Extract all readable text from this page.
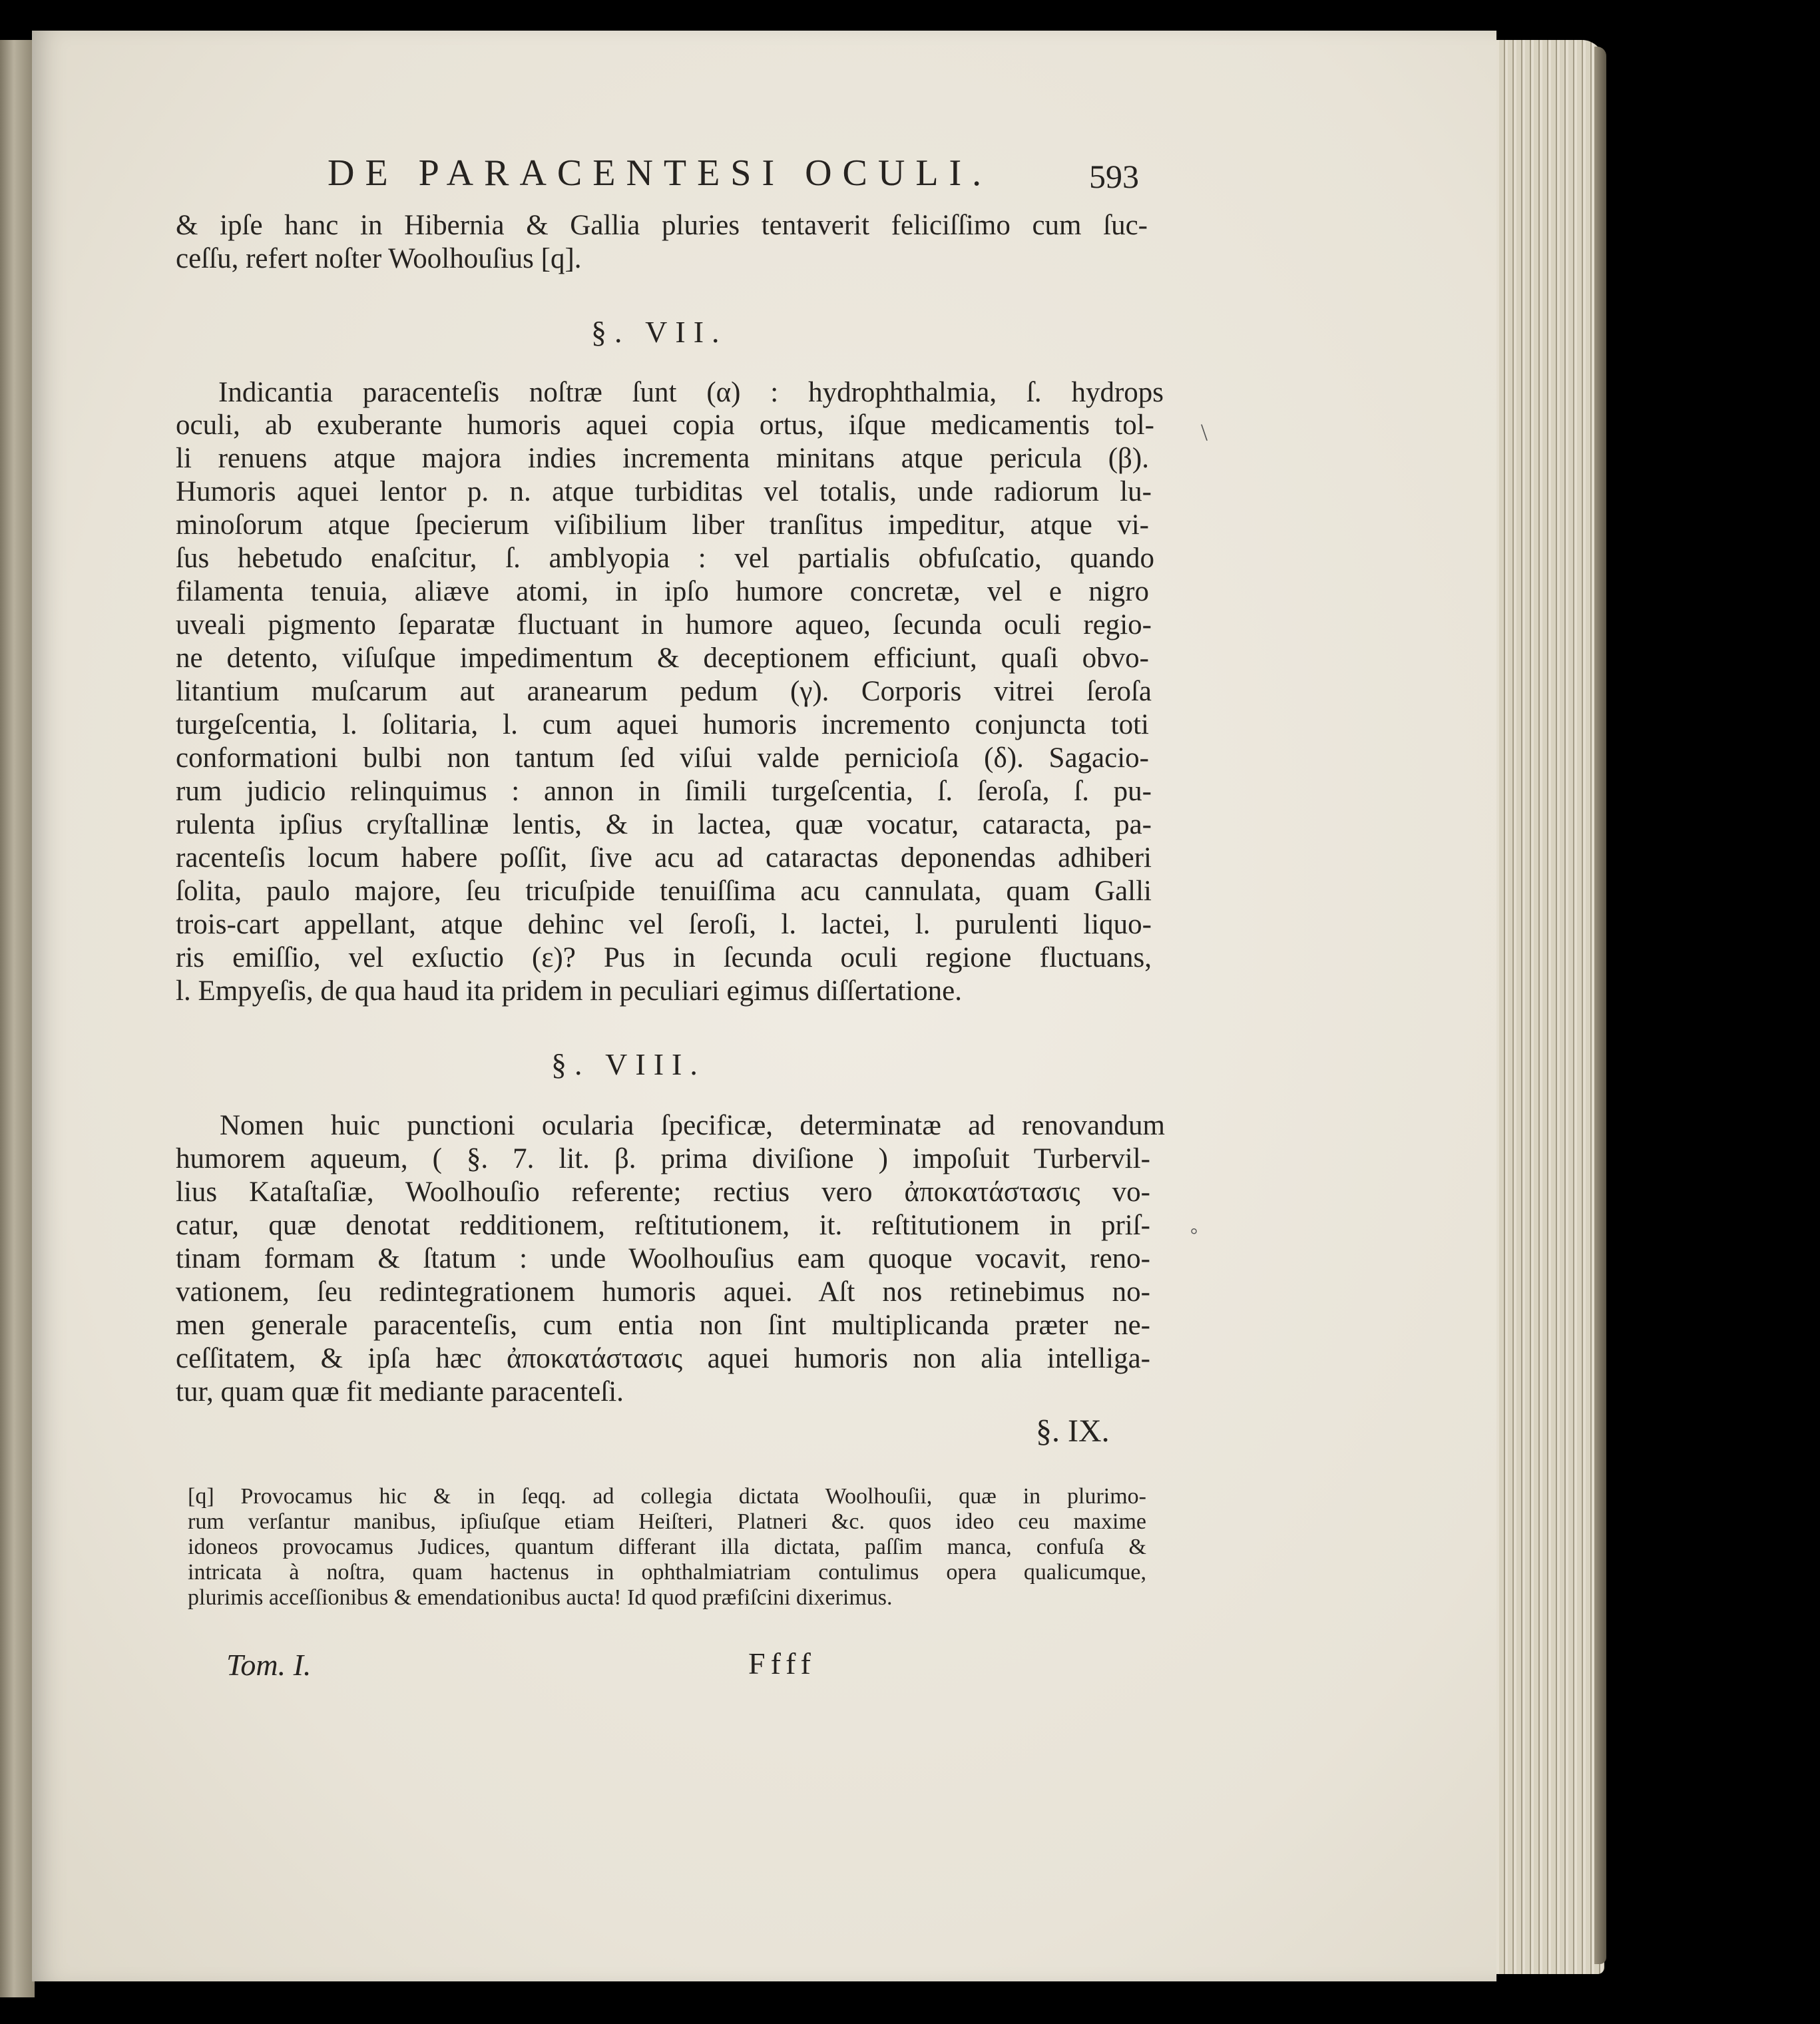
DE PARACENTESI OCULI.	593
& ipſe hanc in Hibernia & Gallia pluries tentaverit feliciſſimo cum ſuc-
ceſſu, refert noſter Woolhouſius [q].
§. VII.
Indicantia paracenteſis noſtræ ſunt (α) : hydrophthalmia, ſ. hydrops
oculi, ab exuberante humoris aquei copia ortus, iſque medicamentis tol-
li renuens atque majora indies incrementa minitans atque pericula (β).
Humoris aquei lentor p. n. atque turbiditas vel totalis, unde radiorum lu-
minoſorum atque ſpecierum viſibilium liber tranſitus impeditur, atque vi-
ſus hebetudo enaſcitur, ſ. amblyopia : vel partialis obfuſcatio, quando
filamenta tenuia, aliæve atomi, in ipſo humore concretæ, vel e nigro
uveali pigmento ſeparatæ fluctuant in humore aqueo, ſecunda oculi regio-
ne detento, viſuſque impedimentum & deceptionem efficiunt, quaſi obvo-
litantium muſcarum aut aranearum pedum (γ). Corporis vitrei ſeroſa
turgeſcentia, l. ſolitaria, l. cum aquei humoris incremento conjuncta toti
conformationi bulbi non tantum ſed viſui valde pernicioſa (δ). Sagacio-
rum judicio relinquimus : annon in ſimili turgeſcentia, ſ. ſeroſa, ſ. pu-
rulenta ipſius cryſtallinæ lentis, & in lactea, quæ vocatur, cataracta, pa-
racenteſis locum habere poſſit, ſive acu ad cataractas deponendas adhiberi
ſolita, paulo majore, ſeu tricuſpide tenuiſſima acu cannulata, quam Galli
trois-cart appellant, atque dehinc vel ſeroſi, l. lactei, l. purulenti liquo-
ris emiſſio, vel exſuctio (ε)? Pus in ſecunda oculi regione fluctuans,
l. Empyeſis, de qua haud ita pridem in peculiari egimus diſſertatione.
§. VIII.
Nomen huic punctioni ocularia ſpecificæ, determinatæ ad renovandum
humorem aqueum, ( §. 7. lit. β. prima diviſione ) impoſuit Turbervil-
lius Kataſtaſiæ, Woolhouſio referente; rectius vero ἀποκατάστασις vo-
catur, quæ denotat redditionem, reſtitutionem, it. reſtitutionem in priſ-
tinam formam & ſtatum : unde Woolhouſius eam quoque vocavit, reno-
vationem, ſeu redintegrationem humoris aquei. Aſt nos retinebimus no-
men generale paracenteſis, cum entia non ſint multiplicanda præter ne-
ceſſitatem, & ipſa hæc ἀποκατάστασις aquei humoris non alia intelliga-
tur, quam quæ fit mediante paracenteſi.
§. IX.
[q] Provocamus hic & in ſeqq. ad collegia dictata Woolhouſii, quæ in plurimo-
rum verſantur manibus, ipſiuſque etiam Heiſteri, Platneri &c. quos ideo ceu maxime
idoneos provocamus Judices, quantum differant illa dictata, paſſim manca, confuſa &
intricata à noſtra, quam hactenus in ophthalmiatriam contulimus opera qualicumque,
plurimis acceſſionibus & emendationibus aucta! Id quod præfiſcini dixerimus.
Tom. I.	Ffff
\
°
